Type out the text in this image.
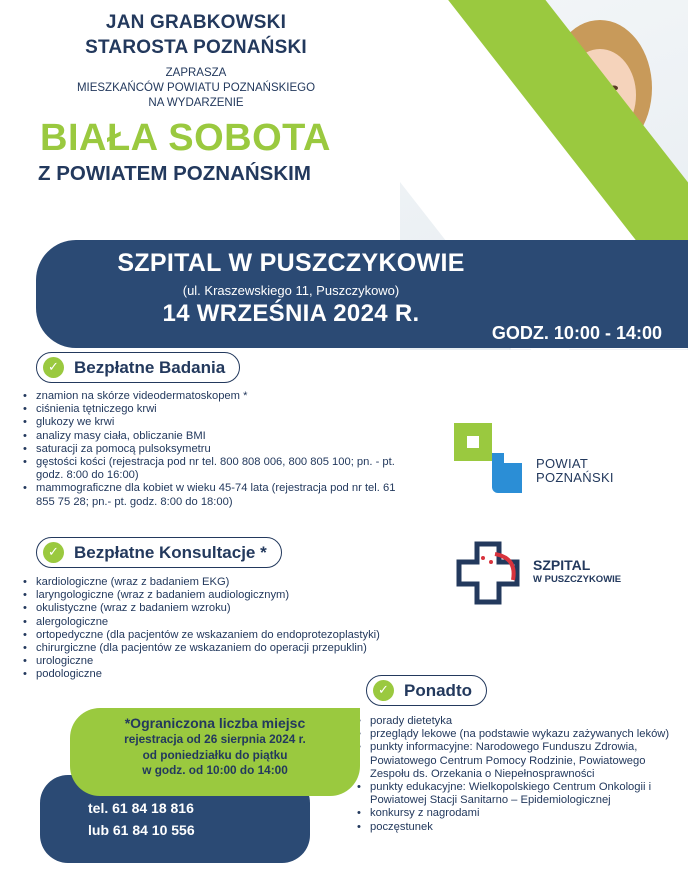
JAN GRABKOWSKI
STAROSTA POZNAŃSKI
ZAPRASZA
MIESZKAŃCÓW POWIATU POZNAŃSKIEGO
NA WYDARZENIE
BIAŁA SOBOTA
Z POWIATEM POZNAŃSKIM
SZPITAL W PUSZCZYKOWIE
(ul. Kraszewskiego 11, Puszczykowo)
14 WRZEŚNIA 2024 R.
GODZ. 10:00 - 14:00
✓ Bezpłatne Badania
• znamion na skórze videodermatoskopem *
• ciśnienia tętniczego krwi
• glukozy we krwi
• analizy masy ciała, obliczanie BMI
• saturacji za pomocą pulsoksymetru
• gęstości kości (rejestracja pod nr tel. 800 808 006, 800 805 100; pn. - pt. godz. 8:00 do 16:00)
• mammograficzne dla kobiet w wieku 45-74 lata (rejestracja pod nr tel. 61 855 75 28; pn.- pt. godz. 8:00 do 18:00)
POWIAT
POZNAŃSKI
✓ Bezpłatne Konsultacje *
• kardiologiczne (wraz z badaniem EKG)
• laryngologiczne (wraz z badaniem audiologicznym)
• okulistyczne (wraz z badaniem wzroku)
• alergologiczne
• ortopedyczne (dla pacjentów ze wskazaniem do endoprotezoplastyki)
• chirurgiczne (dla pacjentów ze wskazaniem do operacji przepuklin)
• urologiczne
• podologiczne
SZPITAL
W PUSZCZYKOWIE
✓ Ponadto
• porady dietetyka
• przeglądy lekowe (na podstawie wykazu zażywanych leków)
• punkty informacyjne: Narodowego Funduszu Zdrowia, Powiatowego Centrum Pomocy Rodzinie, Powiatowego Zespołu ds. Orzekania o Niepełnosprawności
• punkty edukacyjne: Wielkopolskiego Centrum Onkologii i Powiatowej Stacji Sanitarno – Epidemiologicznej
• konkursy z nagrodami
• poczęstunek
tel. 61 84 18 816
lub 61 84 10 556
*Ograniczona liczba miejsc
rejestracja od 26 sierpnia 2024 r.
od poniedziałku do piątku
w godz. od 10:00 do 14:00
